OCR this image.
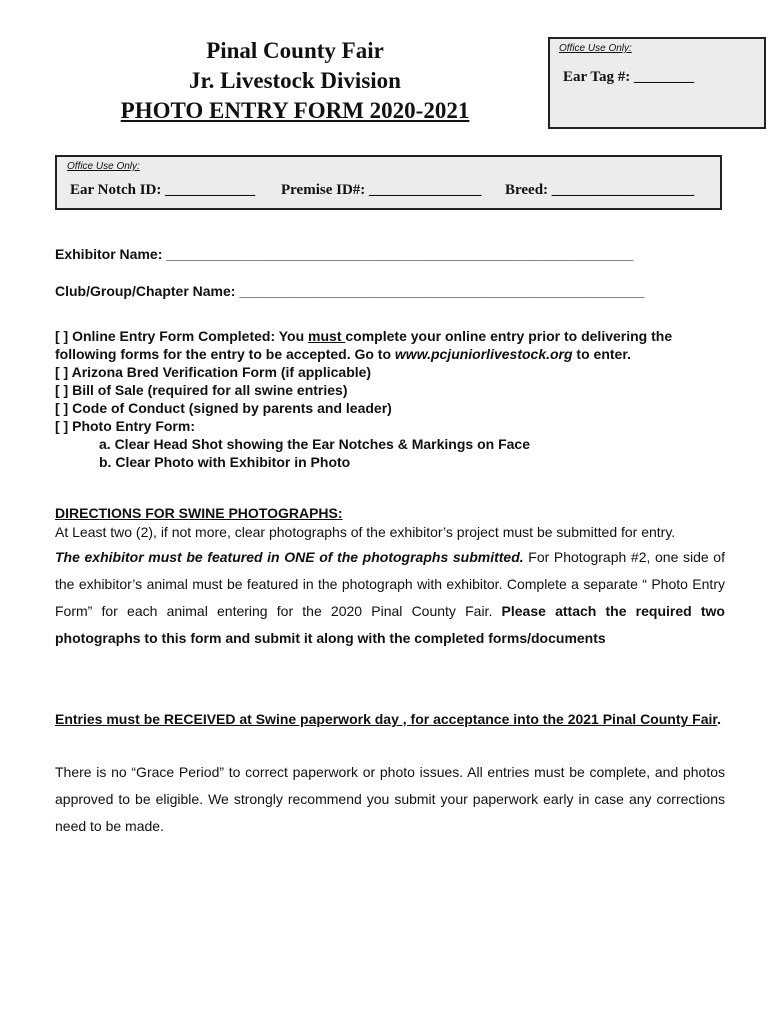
Pinal County Fair
Jr. Livestock Division
PHOTO ENTRY FORM 2020-2021
Office Use Only:
Ear Tag #: ________
Office Use Only:
Ear Notch ID: ____________ Premise ID#: _______________ Breed: ___________________
Exhibitor Name: ____________________________________________________________
Club/Group/Chapter Name: ____________________________________________________
[ ] Online Entry Form Completed: You must complete your online entry prior to delivering the
following forms for the entry to be accepted. Go to www.pcjuniorlivestock.org to enter.
[ ] Arizona Bred Verification Form (if applicable)
[ ] Bill of Sale (required for all swine entries)
[ ] Code of Conduct (signed by parents and leader)
[ ] Photo Entry Form:
a. Clear Head Shot showing the Ear Notches & Markings on Face
b. Clear Photo with Exhibitor in Photo
DIRECTIONS FOR SWINE PHOTOGRAPHS:
At Least two (2), if not more, clear photographs of the exhibitor’s project must be submitted for entry.
The exhibitor must be featured in ONE of the photographs submitted. For Photograph #2, one side of the exhibitor’s animal must be featured in the photograph with exhibitor. Complete a separate “ Photo Entry Form” for each animal entering for the 2020 Pinal County Fair. Please attach the required two photographs to this form and submit it along with the completed forms/documents
Entries must be RECEIVED at Swine paperwork day , for acceptance into the 2021 Pinal County Fair.
There is no “Grace Period” to correct paperwork or photo issues. All entries must be complete, and photos approved to be eligible. We strongly recommend you submit your paperwork early in case any corrections need to be made.
